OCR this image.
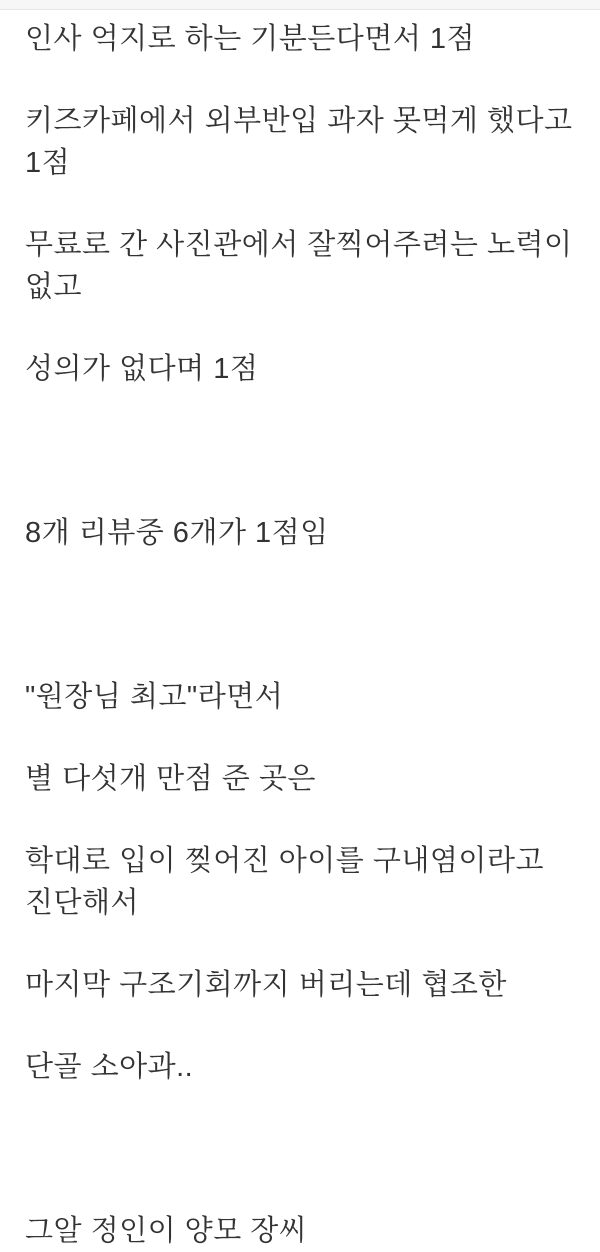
인사 억지로 하는 기분든다면서 1점

키즈카페에서 외부반입 과자 못먹게 했다고 1점

무료로 간 사진관에서 잘찍어주려는 노력이 없고

성의가 없다며 1점

8개 리뷰중 6개가 1점임

"원장님 최고"라면서

별 다섯개 만점 준 곳은

학대로 입이 찢어진 아이를 구내염이라고 진단해서

마지막 구조기회까지 버리는데 협조한

단골 소아과..

그알 정인이 양모 장씨
